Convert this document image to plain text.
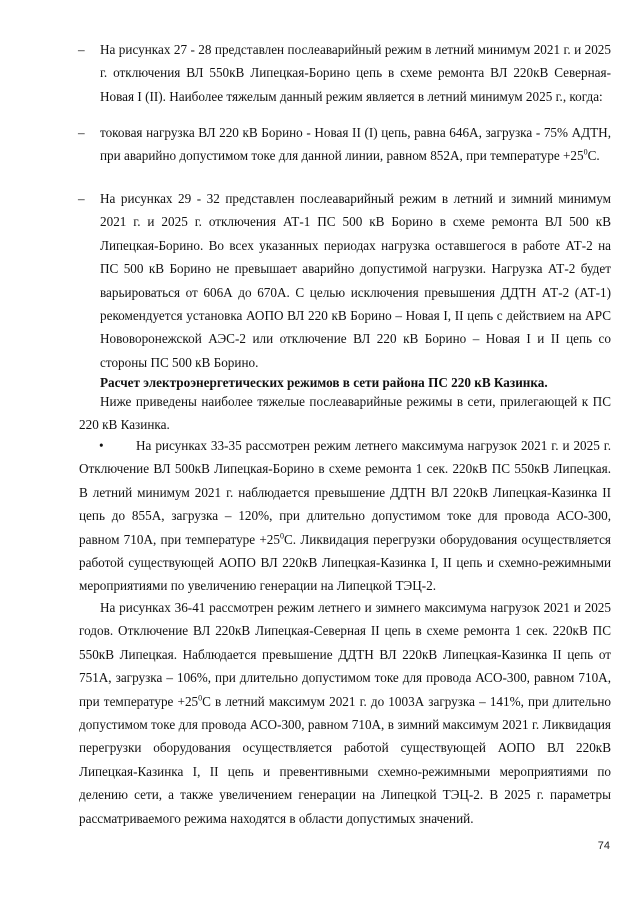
– На рисунках 27 - 28 представлен послеаварийный режим в летний минимум 2021 г. и 2025 г. отключения ВЛ 550кВ Липецкая-Борино цепь в схеме ремонта ВЛ 220кВ Северная-Новая I (II). Наиболее тяжелым данный режим является в летний минимум 2025 г., когда:

– токовая нагрузка ВЛ 220 кВ Борино - Новая II (I) цепь, равна 646А, загрузка - 75% АДТН, при аварийно допустимом токе для данной линии, равном 852А, при температуре $+25^0С$.

– На рисунках 29 - 32 представлен послеаварийный режим в летний и зимний минимум 2021 г. и 2025 г. отключения АТ-1 ПС 500 кВ Борино в схеме ремонта ВЛ 500 кВ Липецкая-Борино. Во всех указанных периодах нагрузка оставшегося в работе АТ-2 на ПС 500 кВ Борино не превышает аварийно допустимой нагрузки. Нагрузка АТ-2 будет варьироваться от 606А до 670А. С целью исключения превышения ДДТН АТ-2 (АТ-1) рекомендуется установка АОПО ВЛ 220 кВ Борино – Новая I, II цепь с действием на АРС Нововоронежской АЭС-2 или отключение ВЛ 220 кВ Борино – Новая I и II цепь со стороны ПС 500 кВ Борино.

Расчет электроэнергетических режимов в сети района ПС 220 кВ Казинка.

Ниже приведены наиболее тяжелые послеаварийные режимы в сети, прилегающей к ПС 220 кВ Казинка.

• На рисунках 33-35 рассмотрен режим летнего максимума нагрузок 2021 г. и 2025 г. Отключение ВЛ 500кВ Липецкая-Борино в схеме ремонта 1 сек. 220кВ ПС 550кВ Липецкая. В летний минимум 2021 г. наблюдается превышение ДДТН ВЛ 220кВ Липецкая-Казинка II цепь до 855А, загрузка – 120%, при длительно допустимом токе для провода АСО-300, равном 710А, при температуре $+25^0С$. Ликвидация перегрузки оборудования осуществляется работой существующей АОПО ВЛ 220кВ Липецкая-Казинка I, II цепь и схемно-режимными мероприятиями по увеличению генерации на Липецкой ТЭЦ-2.

На рисунках 36-41 рассмотрен режим летнего и зимнего максимума нагрузок 2021 и 2025 годов. Отключение ВЛ 220кВ Липецкая-Северная II цепь в схеме ремонта 1 сек. 220кВ ПС 550кВ Липецкая. Наблюдается превышение ДДТН ВЛ 220кВ Липецкая-Казинка II цепь от 751А, загрузка – 106%, при длительно допустимом токе для провода АСО-300, равном 710А, при температуре $+25^0С$ в летний максимум 2021 г. до 1003А загрузка – 141%, при длительно допустимом токе для провода АСО-300, равном 710А, в зимний максимум 2021 г. Ликвидация перегрузки оборудования осуществляется работой существующей АОПО ВЛ 220кВ Липецкая-Казинка I, II цепь и превентивными схемно-режимными мероприятиями по делению сети, а также увеличением генерации на Липецкой ТЭЦ-2. В 2025 г. параметры рассматриваемого режима находятся в области допустимых значений.

74
